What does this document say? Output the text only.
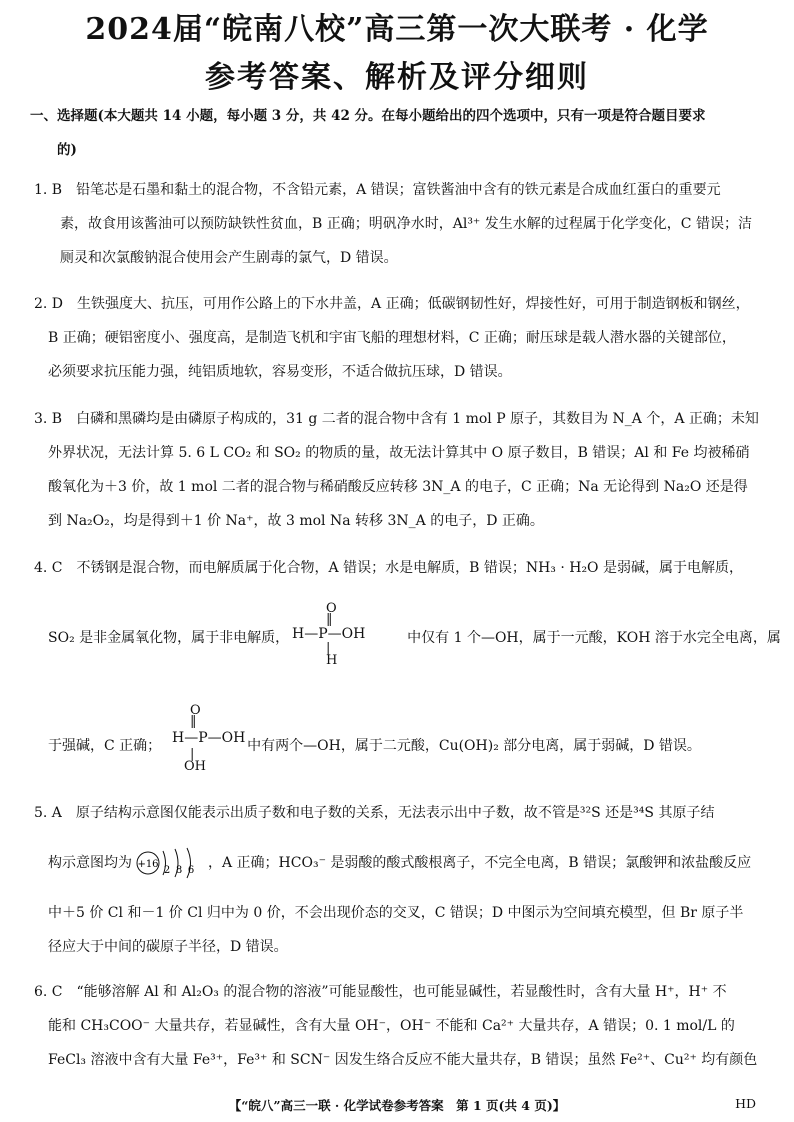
2024届“皖南八校”高三第一次大联考 · 化学
参考答案、解析及评分细则
一、选择题(本大题共 14 小题，每小题 3 分，共 42 分。在每小题给出的四个选项中，只有一项是符合题目要求
的)
1. B　铅笔芯是石墨和黏土的混合物，不含铅元素，A 错误；富铁酱油中含有的铁元素是合成血红蛋白的重要元
素，故食用该酱油可以预防缺铁性贫血，B 正确；明矾净水时，Al³⁺ 发生水解的过程属于化学变化，C 错误；洁
厕灵和次氯酸钠混合使用会产生剧毒的氯气，D 错误。
2. D　生铁强度大、抗压，可用作公路上的下水井盖，A 正确；低碳钢韧性好，焊接性好，可用于制造钢板和钢丝，
B 正确；硬铝密度小、强度高，是制造飞机和宇宙飞船的理想材料，C 正确；耐压球是载人潜水器的关键部位，
必须要求抗压能力强，纯铝质地软，容易变形，不适合做抗压球，D 错误。
3. B　白磷和黑磷均是由磷原子构成的，31 g 二者的混合物中含有 1 mol P 原子，其数目为 N_A 个，A 正确；未知
外界状况，无法计算 5. 6 L CO₂ 和 SO₂ 的物质的量，故无法计算其中 O 原子数目，B 错误；Al 和 Fe 均被稀硝
酸氧化为＋3 价，故 1 mol 二者的混合物与稀硝酸反应转移 3N_A 的电子，C 正确；Na 无论得到 Na₂O 还是得
到 Na₂O₂，均是得到＋1 价 Na⁺，故 3 mol Na 转移 3N_A 的电子，D 正确。
4. C　不锈钢是混合物，而电解质属于化合物，A 错误；水是电解质，B 错误；NH₃ · H₂O 是弱碱，属于电解质，
SO₂ 是非金属氧化物，属于非电解质，	中仅有 1 个—OH，属于一元酸，KOH 溶于水完全电离，属
O
‖
H—P—OH
|
H
于强碱，C 正确；	中有两个—OH，属于二元酸，Cu(OH)₂ 部分电离，属于弱碱，D 错误。
O
‖
H—P—OH
|
OH
5. A　原子结构示意图仅能表示出质子数和电子数的关系，无法表示出中子数，故不管是³²S 还是³⁴S 其原子结
构示意图均为 +16
2 8 6 ，A 正确；HCO₃⁻ 是弱酸的酸式酸根离子，不完全电离，B 错误；氯酸钾和浓盐酸反应
中＋5 价 Cl 和－1 价 Cl 归中为 0 价，不会出现价态的交叉，C 错误；D 中图示为空间填充模型，但 Br 原子半
径应大于中间的碳原子半径，D 错误。
6. C　“能够溶解 Al 和 Al₂O₃ 的混合物的溶液”可能显酸性，也可能显碱性，若显酸性时，含有大量 H⁺，H⁺ 不
能和 CH₃COO⁻ 大量共存，若显碱性，含有大量 OH⁻，OH⁻ 不能和 Ca²⁺ 大量共存，A 错误；0. 1 mol/L 的
FeCl₃ 溶液中含有大量 Fe³⁺，Fe³⁺ 和 SCN⁻ 因发生络合反应不能大量共存，B 错误；虽然 Fe²⁺、Cu²⁺ 均有颜色
【“皖八”高三一联 · 化学试卷参考答案　第 1 页(共 4 页)】	HD
